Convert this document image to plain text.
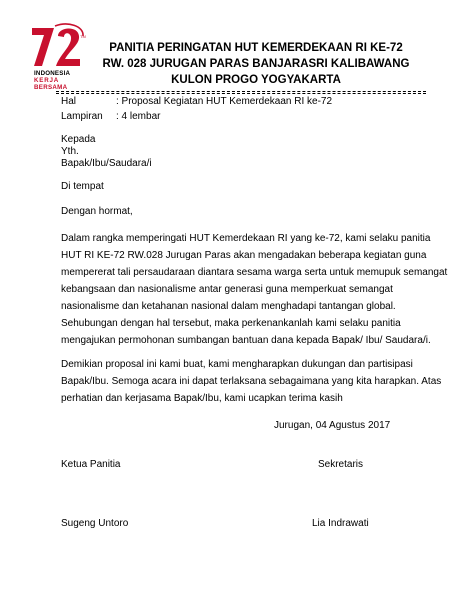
TM
INDONESIA
KERJA
BERSAMA
PANITIA PERINGATAN HUT KEMERDEKAAN RI KE-72
RW. 028 JURUGAN PARAS BANJARASRI KALIBAWANG
KULON PROGO YOGYAKARTA
Hal	: Proposal Kegiatan HUT Kemerdekaan RI ke-72
Lampiran : 4 lembar
Kepada
Yth.
Bapak/Ibu/Saudara/i
Di tempat
Dengan hormat,
Dalam rangka memperingati HUT Kemerdekaan RI yang ke-72, kami selaku panitia
HUT RI KE-72 RW.028 Jurugan Paras akan mengadakan beberapa kegiatan guna
mempererat tali persaudaraan diantara sesama warga serta untuk memupuk semangat
kebangsaan dan nasionalisme antar generasi guna memperkuat semangat
nasionalisme dan ketahanan nasional dalam menghadapi tantangan global.
Sehubungan dengan hal tersebut, maka perkenankanlah kami selaku panitia
mengajukan permohonan sumbangan bantuan dana kepada Bapak/ Ibu/ Saudara/i.
Demikian proposal ini kami buat, kami mengharapkan dukungan dan partisipasi
Bapak/Ibu. Semoga acara ini dapat terlaksana sebagaimana yang kita harapkan. Atas
perhatian dan kerjasama Bapak/Ibu, kami ucapkan terima kasih
Jurugan, 04 Agustus 2017
Ketua Panitia	Sekretaris
Sugeng Untoro	Lia Indrawati
